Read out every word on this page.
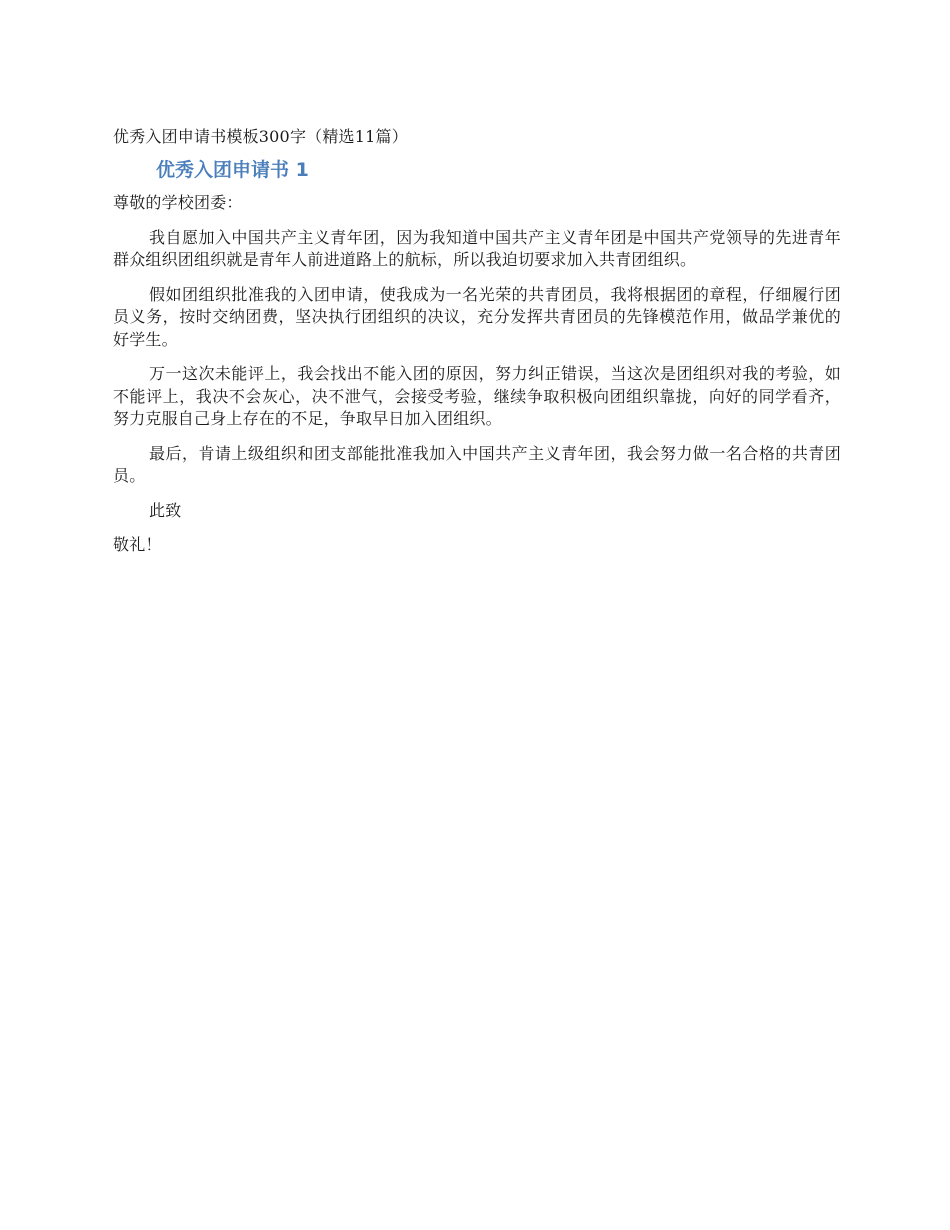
优秀入团申请书模板300字（精选11篇）
优秀入团申请书 1

尊敬的学校团委：

我自愿加入中国共产主义青年团，因为我知道中国共产主义青年团是中国共产党领导的先进青年群众组织团组织就是青年人前进道路上的航标，所以我迫切要求加入共青团组织。

假如团组织批准我的入团申请，使我成为一名光荣的共青团员，我将根据团的章程，仔细履行团员义务，按时交纳团费，坚决执行团组织的决议，充分发挥共青团员的先锋模范作用，做品学兼优的好学生。

万一这次未能评上，我会找出不能入团的原因，努力纠正错误，当这次是团组织对我的考验，如不能评上，我决不会灰心，决不泄气，会接受考验，继续争取积极向团组织靠拢，向好的同学看齐，努力克服自己身上存在的不足，争取早日加入团组织。

最后，肯请上级组织和团支部能批准我加入中国共产主义青年团，我会努力做一名合格的共青团员。

此致

敬礼！
